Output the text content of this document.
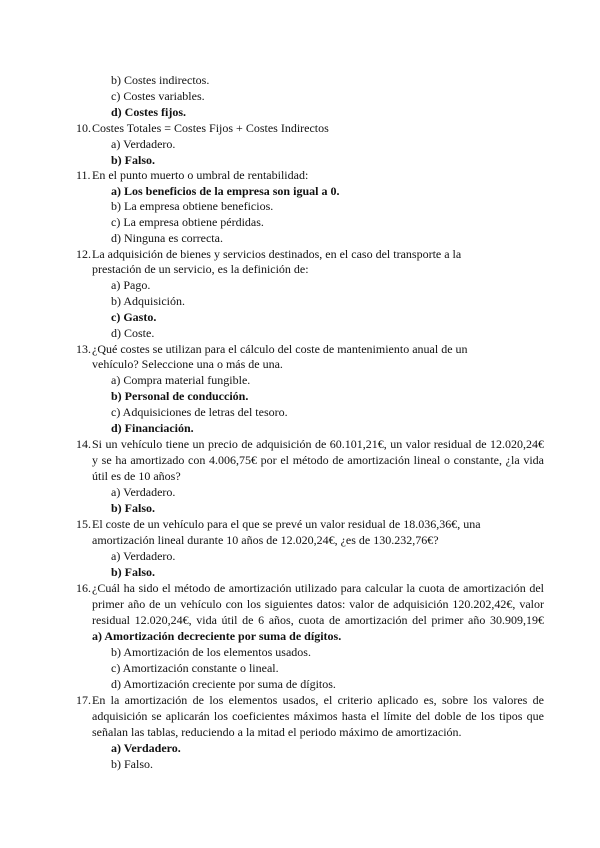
b) Costes indirectos.
c) Costes variables.
d) Costes fijos.
10. Costes Totales = Costes Fijos + Costes Indirectos
a) Verdadero.
b) Falso.
11. En el punto muerto o umbral de rentabilidad:
a) Los beneficios de la empresa son igual a 0.
b) La empresa obtiene beneficios.
c) La empresa obtiene pérdidas.
d) Ninguna es correcta.
12. La adquisición de bienes y servicios destinados, en el caso del transporte a la
prestación de un servicio, es la definición de:
a) Pago.
b) Adquisición.
c) Gasto.
d) Coste.
13. ¿Qué costes se utilizan para el cálculo del coste de mantenimiento anual de un
vehículo? Seleccione una o más de una.
a) Compra material fungible.
b) Personal de conducción.
c) Adquisiciones de letras del tesoro.
d) Financiación.
14. Si un vehículo tiene un precio de adquisición de 60.101,21€, un valor residual de 12.020,24€
y se ha amortizado con 4.006,75€ por el método de amortización lineal o constante, ¿la vida
útil es de 10 años?
a) Verdadero.
b) Falso.
15. El coste de un vehículo para el que se prevé un valor residual de 18.036,36€, una
amortización lineal durante 10 años de 12.020,24€, ¿es de 130.232,76€?
a) Verdadero.
b) Falso.
16. ¿Cuál ha sido el método de amortización utilizado para calcular la cuota de amortización del
primer año de un vehículo con los siguientes datos: valor de adquisición 120.202,42€, valor
residual 12.020,24€, vida útil de 6 años, cuota de amortización del primer año 30.909,19€
a) Amortización decreciente por suma de dígitos.
b) Amortización de los elementos usados.
c) Amortización constante o lineal.
d) Amortización creciente por suma de dígitos.
17. En la amortización de los elementos usados, el criterio aplicado es, sobre los valores de
adquisición se aplicarán los coeficientes máximos hasta el límite del doble de los tipos que
señalan las tablas, reduciendo a la mitad el periodo máximo de amortización.
a) Verdadero.
b) Falso.
